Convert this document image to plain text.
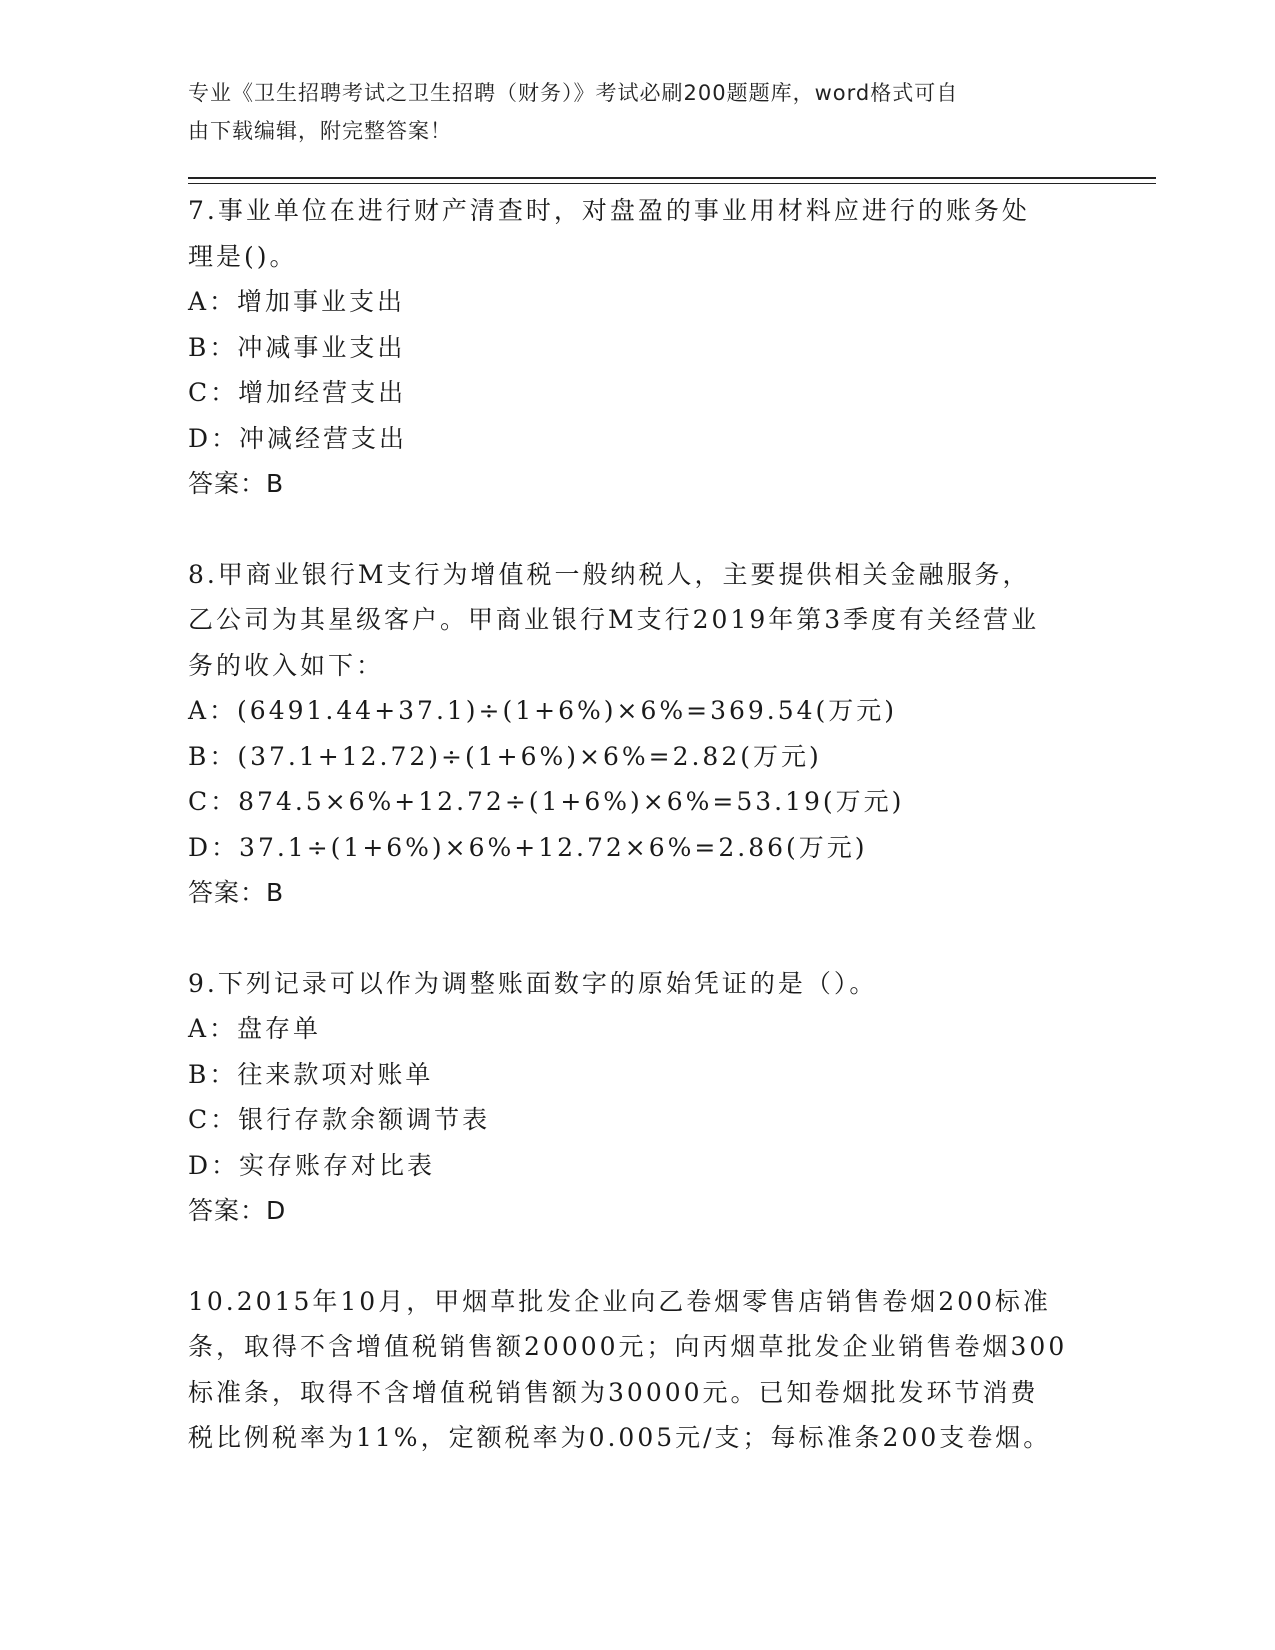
专业《卫生招聘考试之卫生招聘（财务）》考试必刷200题题库，word格式可自
由下载编辑，附完整答案！

7.事业单位在进行财产清查时，对盘盈的事业用材料应进行的账务处

理是()。

A：增加事业支出

B：冲减事业支出

C：增加经营支出

D：冲减经营支出

答案：B

8.甲商业银行M支行为增值税一般纳税人，主要提供相关金融服务，

乙公司为其星级客户。甲商业银行M支行2019年第3季度有关经营业

务的收入如下：

A：(6491.44+37.1)÷(1+6%)×6%=369.54(万元)

B：(37.1+12.72)÷(1+6%)×6%=2.82(万元)

C：874.5×6%+12.72÷(1+6%)×6%=53.19(万元)

D：37.1÷(1+6%)×6%+12.72×6%=2.86(万元)

答案：B

9.下列记录可以作为调整账面数字的原始凭证的是（）。

A：盘存单

B：往来款项对账单

C：银行存款余额调节表

D：实存账存对比表

答案：D

10.2015年10月，甲烟草批发企业向乙卷烟零售店销售卷烟200标准

条，取得不含增值税销售额20000元；向丙烟草批发企业销售卷烟300

标准条，取得不含增值税销售额为30000元。已知卷烟批发环节消费

税比例税率为11%，定额税率为0.005元/支；每标准条200支卷烟。
